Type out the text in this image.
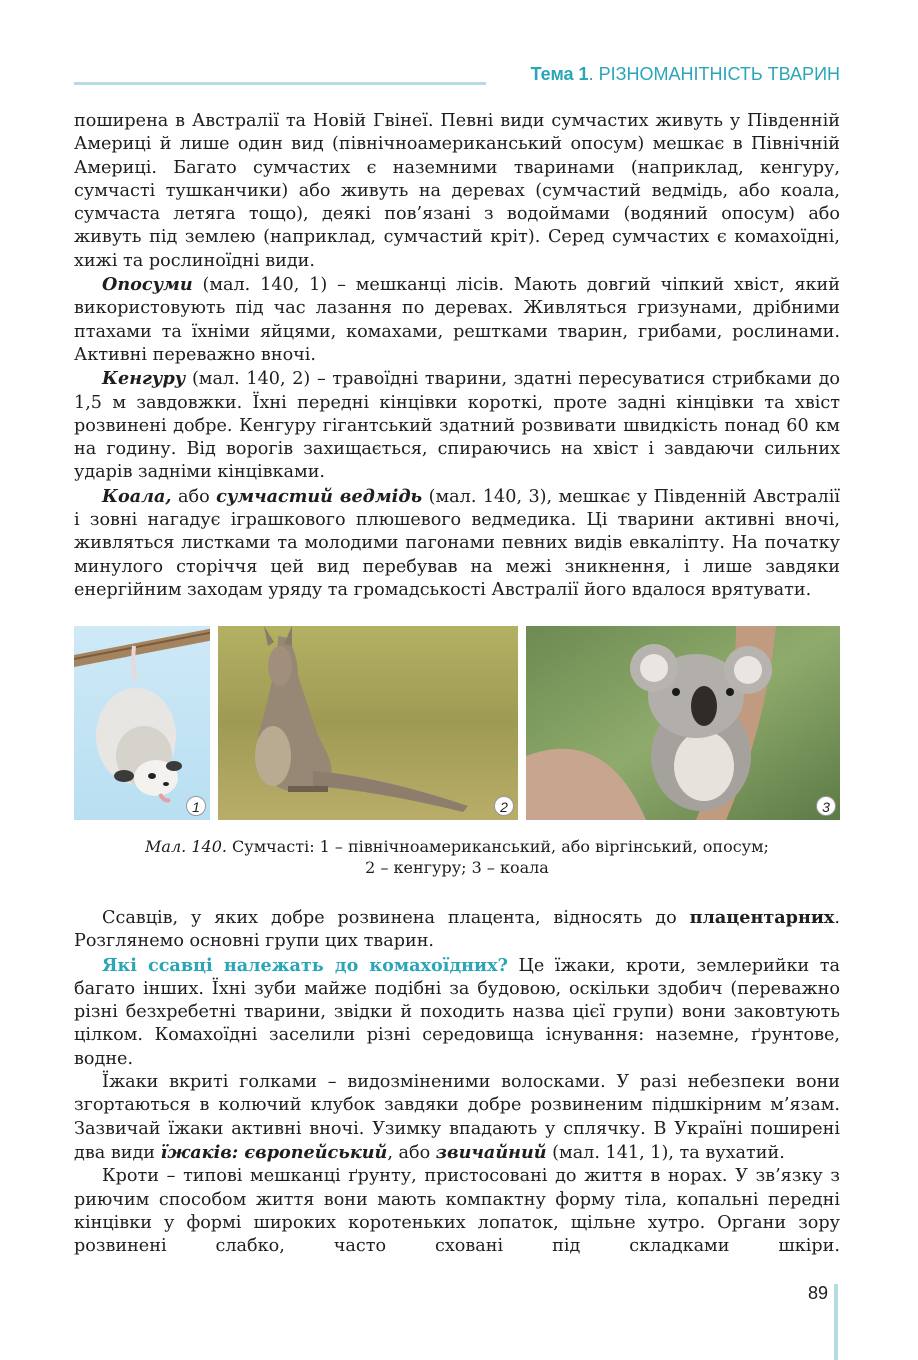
Тема 1. РІЗНОМАНІТНІСТЬ ТВАРИН

поширена в Австралії та Новій Гвінеї. Певні види сумчастих живуть у Південній Америці й лише один вид (північноамериканський опосум) мешкає в Північній Америці. Багато сумчастих є наземними тваринами (наприклад, кенгуру, сумчасті тушканчики) або живуть на деревах (сумчастий ведмідь, або коала, сумчаста летяга тощо), деякі пов’язані з водоймами (водяний опосум) або живуть під землею (наприклад, сумчастий кріт). Серед сумчастих є комахоїдні, хижі та рослиноїдні види.

Опосуми (мал. 140, 1) – мешканці лісів. Мають довгий чіпкий хвіст, який використовують під час лазання по деревах. Живляться гризунами, дрібними птахами та їхніми яйцями, комахами, рештками тварин, грибами, рослинами. Активні переважно вночі.

Кенгуру (мал. 140, 2) – травоїдні тварини, здатні пересуватися стрибками до 1,5 м завдовжки. Їхні передні кінцівки короткі, проте задні кінцівки та хвіст розвинені добре. Кенгуру гігантський здатний розвивати швидкість понад 60 км на годину. Від ворогів захищається, спираючись на хвіст і завдаючи сильних ударів задніми кінцівками.

Коала, або сумчастий ведмідь (мал. 140, 3), мешкає у Південній Австралії і зовні нагадує іграшкового плюшевого ведмедика. Ці тварини активні вночі, живляться листками та молодими пагонами певних видів евкаліпту. На початку минулого сторіччя цей вид перебував на межі зникнення, і лише завдяки енергійним заходам уряду та громадськості Австралії його вдалося врятувати.

1	2	3
Мал. 140. Сумчасті: 1 – північноамериканський, або віргінський, опосум;
2 – кенгуру; 3 – коала

Ссавців, у яких добре розвинена плацента, відносять до плацентарних. Розглянемо основні групи цих тварин.

Які ссавці належать до комахоїдних? Це їжаки, кроти, землерийки та багато інших. Їхні зуби майже подібні за будовою, оскільки здобич (переважно різні безхребетні тварини, звідки й походить назва цієї групи) вони заковтують цілком. Комахоїдні заселили різні середовища існування: наземне, ґрунтове, водне.

Їжаки вкриті голками – видозміненими волосками. У разі небезпеки вони згортаються в колючий клубок завдяки добре розвиненим підшкірним м’язам. Зазвичай їжаки активні вночі. Узимку впадають у сплячку. В Україні поширені два види їжаків: європейський, або звичайний (мал. 141, 1), та вухатий.

Кроти – типові мешканці ґрунту, пристосовані до життя в норах. У зв’язку з риючим способом життя вони мають компактну форму тіла, копальні передні кінцівки у формі широких коротеньких лопаток, щільне хутро. Органи зору розвинені слабко, часто сховані під складками шкіри.

89
